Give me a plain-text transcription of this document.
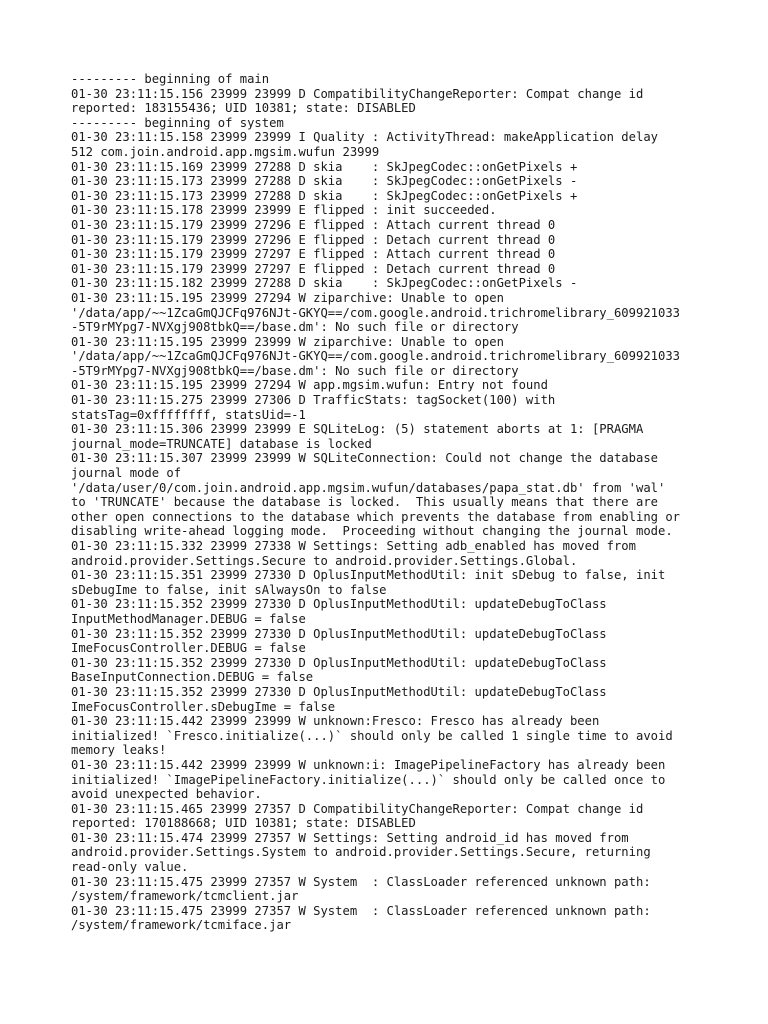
--------- beginning of main
01-30 23:11:15.156 23999 23999 D CompatibilityChangeReporter: Compat change id
reported: 183155436; UID 10381; state: DISABLED
--------- beginning of system
01-30 23:11:15.158 23999 23999 I Quality : ActivityThread: makeApplication delay
512 com.join.android.app.mgsim.wufun 23999
01-30 23:11:15.169 23999 27288 D skia    : SkJpegCodec::onGetPixels +
01-30 23:11:15.173 23999 27288 D skia    : SkJpegCodec::onGetPixels -
01-30 23:11:15.173 23999 27288 D skia    : SkJpegCodec::onGetPixels +
01-30 23:11:15.178 23999 23999 E flipped : init succeeded.
01-30 23:11:15.179 23999 27296 E flipped : Attach current thread 0
01-30 23:11:15.179 23999 27296 E flipped : Detach current thread 0
01-30 23:11:15.179 23999 27297 E flipped : Attach current thread 0
01-30 23:11:15.179 23999 27297 E flipped : Detach current thread 0
01-30 23:11:15.182 23999 27288 D skia    : SkJpegCodec::onGetPixels -
01-30 23:11:15.195 23999 27294 W ziparchive: Unable to open
'/data/app/~~1ZcaGmQJCFq976NJt-GKYQ==/com.google.android.trichromelibrary_609921033
-5T9rMYpg7-NVXgj908tbkQ==/base.dm': No such file or directory
01-30 23:11:15.195 23999 23999 W ziparchive: Unable to open
'/data/app/~~1ZcaGmQJCFq976NJt-GKYQ==/com.google.android.trichromelibrary_609921033
-5T9rMYpg7-NVXgj908tbkQ==/base.dm': No such file or directory
01-30 23:11:15.195 23999 27294 W app.mgsim.wufun: Entry not found
01-30 23:11:15.275 23999 27306 D TrafficStats: tagSocket(100) with
statsTag=0xffffffff, statsUid=-1
01-30 23:11:15.306 23999 23999 E SQLiteLog: (5) statement aborts at 1: [PRAGMA
journal_mode=TRUNCATE] database is locked
01-30 23:11:15.307 23999 23999 W SQLiteConnection: Could not change the database
journal mode of
'/data/user/0/com.join.android.app.mgsim.wufun/databases/papa_stat.db' from 'wal'
to 'TRUNCATE' because the database is locked.  This usually means that there are
other open connections to the database which prevents the database from enabling or
disabling write-ahead logging mode.  Proceeding without changing the journal mode.
01-30 23:11:15.332 23999 27338 W Settings: Setting adb_enabled has moved from
android.provider.Settings.Secure to android.provider.Settings.Global.
01-30 23:11:15.351 23999 27330 D OplusInputMethodUtil: init sDebug to false, init
sDebugIme to false, init sAlwaysOn to false
01-30 23:11:15.352 23999 27330 D OplusInputMethodUtil: updateDebugToClass
InputMethodManager.DEBUG = false
01-30 23:11:15.352 23999 27330 D OplusInputMethodUtil: updateDebugToClass
ImeFocusController.DEBUG = false
01-30 23:11:15.352 23999 27330 D OplusInputMethodUtil: updateDebugToClass
BaseInputConnection.DEBUG = false
01-30 23:11:15.352 23999 27330 D OplusInputMethodUtil: updateDebugToClass
ImeFocusController.sDebugIme = false
01-30 23:11:15.442 23999 23999 W unknown:Fresco: Fresco has already been
initialized! `Fresco.initialize(...)` should only be called 1 single time to avoid
memory leaks!
01-30 23:11:15.442 23999 23999 W unknown:i: ImagePipelineFactory has already been
initialized! `ImagePipelineFactory.initialize(...)` should only be called once to
avoid unexpected behavior.
01-30 23:11:15.465 23999 27357 D CompatibilityChangeReporter: Compat change id
reported: 170188668; UID 10381; state: DISABLED
01-30 23:11:15.474 23999 27357 W Settings: Setting android_id has moved from
android.provider.Settings.System to android.provider.Settings.Secure, returning
read-only value.
01-30 23:11:15.475 23999 27357 W System  : ClassLoader referenced unknown path:
/system/framework/tcmclient.jar
01-30 23:11:15.475 23999 27357 W System  : ClassLoader referenced unknown path:
/system/framework/tcmiface.jar
